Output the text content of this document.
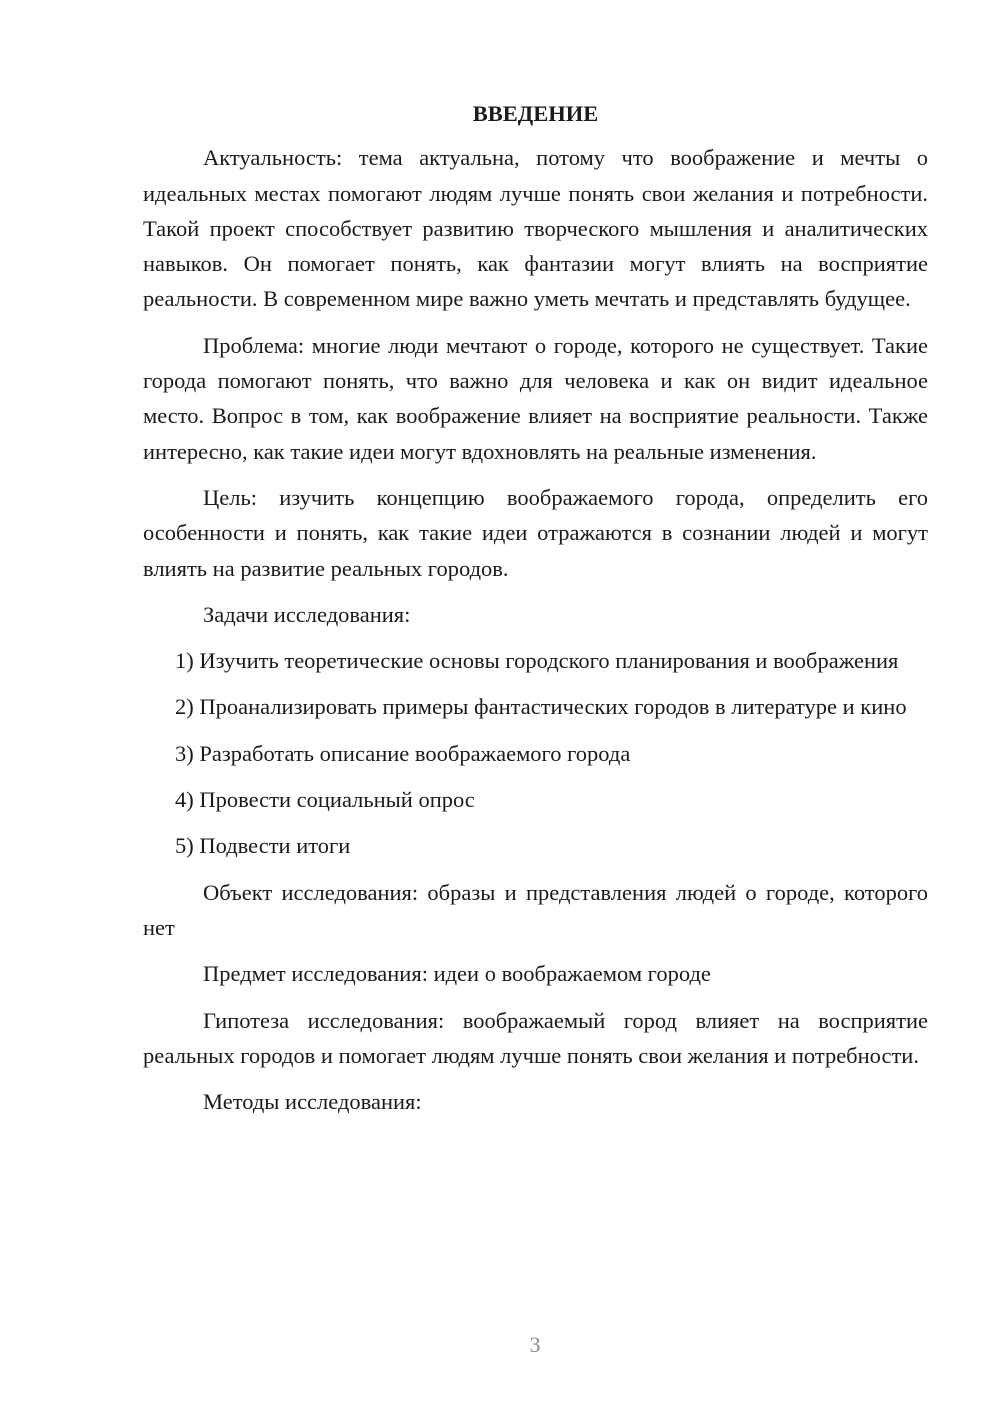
ВВЕДЕНИЕ

Актуальность: тема актуальна, потому что воображение и мечты о идеальных местах помогают людям лучше понять свои желания и потребности. Такой проект способствует развитию творческого мышления и аналитических навыков. Он помогает понять, как фантазии могут влиять на восприятие реальности. В современном мире важно уметь мечтать и представлять будущее.

Проблема: многие люди мечтают о городе, которого не существует. Такие города помогают понять, что важно для человека и как он видит идеальное место. Вопрос в том, как воображение влияет на восприятие реальности. Также интересно, как такие идеи могут вдохновлять на реальные изменения.

Цель: изучить концепцию воображаемого города, определить его особенности и понять, как такие идеи отражаются в сознании людей и могут влиять на развитие реальных городов.

Задачи исследования:

1) Изучить теоретические основы городского планирования и воображения

2) Проанализировать примеры фантастических городов в литературе и кино

3) Разработать описание воображаемого города

4) Провести социальный опрос

5) Подвести итоги

Объект исследования: образы и представления людей о городе, которого нет

Предмет исследования: идеи о воображаемом городе

Гипотеза исследования: воображаемый город влияет на восприятие реальных городов и помогает людям лучше понять свои желания и потребности.

Методы исследования:

3
